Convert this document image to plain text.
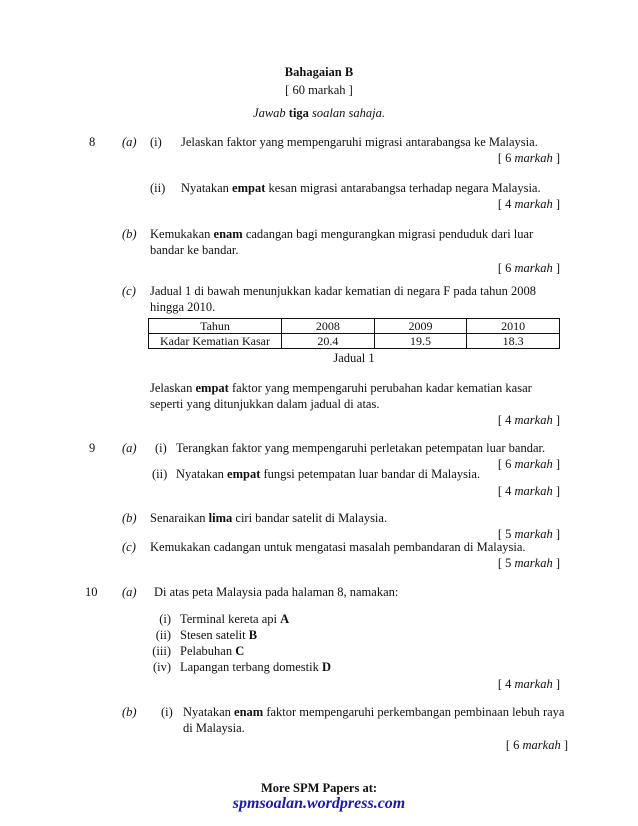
Bahagaian B
[ 60 markah ]
Jawab tiga soalan sahaja.
8 (a) (i) Jelaskan faktor yang mempengaruhi migrasi antarabangsa ke Malaysia.
[ 6 markah ]
(ii) Nyatakan empat kesan migrasi antarabangsa terhadap negara Malaysia.
[ 4 markah ]
(b) Kemukakan enam cadangan bagi mengurangkan migrasi penduduk dari luar
bandar ke bandar.
[ 6 markah ]
(c) Jadual 1 di bawah menunjukkan kadar kematian di negara F pada tahun 2008
hingga 2010.
Tahun	2008	2009	2010
Kadar Kematian Kasar	20.4	19.5	18.3
Jadual 1
Jelaskan empat faktor yang mempengaruhi perubahan kadar kematian kasar
seperti yang ditunjukkan dalam jadual di atas.
[ 4 markah ]
9 (a) (i) Terangkan faktor yang mempengaruhi perletakan petempatan luar bandar.
[ 6 markah ]
(ii) Nyatakan empat fungsi petempatan luar bandar di Malaysia.
[ 4 markah ]
(b) Senaraikan lima ciri bandar satelit di Malaysia.
[ 5 markah ]
(c) Kemukakan cadangan untuk mengatasi masalah pembandaran di Malaysia.
[ 5 markah ]
10 (a) Di atas peta Malaysia pada halaman 8, namakan:
(i) Terminal kereta api A
(ii) Stesen satelit B
(iii) Pelabuhan C
(iv) Lapangan terbang domestik D
[ 4 markah ]
(b) (i) Nyatakan enam faktor mempengaruhi perkembangan pembinaan lebuh raya
di Malaysia.
[ 6 markah ]
More SPM Papers at:
spmsoalan.wordpress.com
